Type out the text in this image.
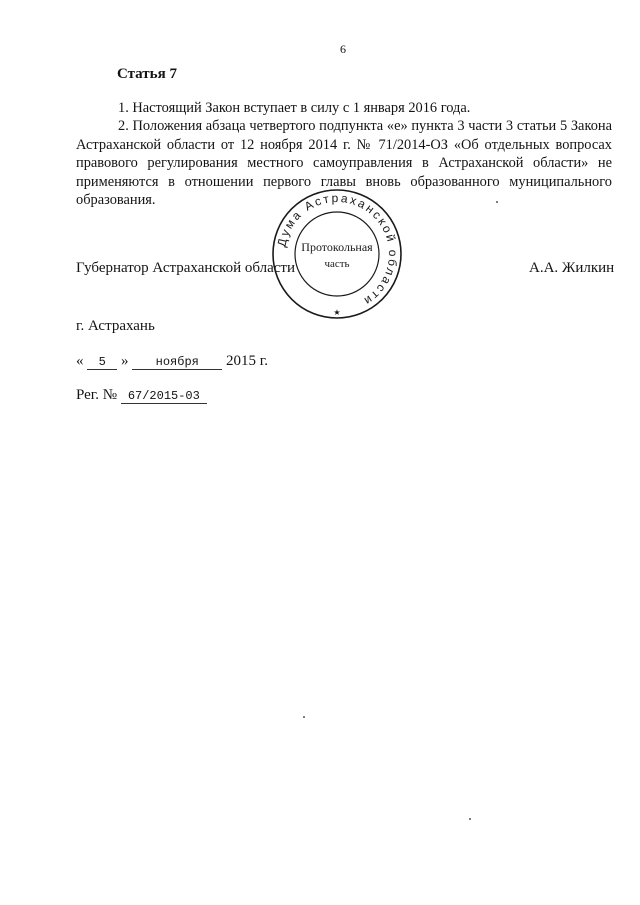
6
Статья 7

1. Настоящий Закон вступает в силу с 1 января 2016 года.

2. Положения абзаца четвертого подпункта «е» пункта 3 части 3 статьи 5 Закона Астраханской области от 12 ноября 2014 г. № 71/2014-ОЗ «Об отдельных вопросах правового регулирования местного самоуправления в Астраханской области» не применяются в отношении первого главы вновь образованного муниципального образования.

Губернатор Астраханской области	А.А. Жилкин
Дума Астраханской области
Протокольная
часть
★
г. Астрахань
« 5 » ноября 2015 г.
Рег. № 67/2015-03
